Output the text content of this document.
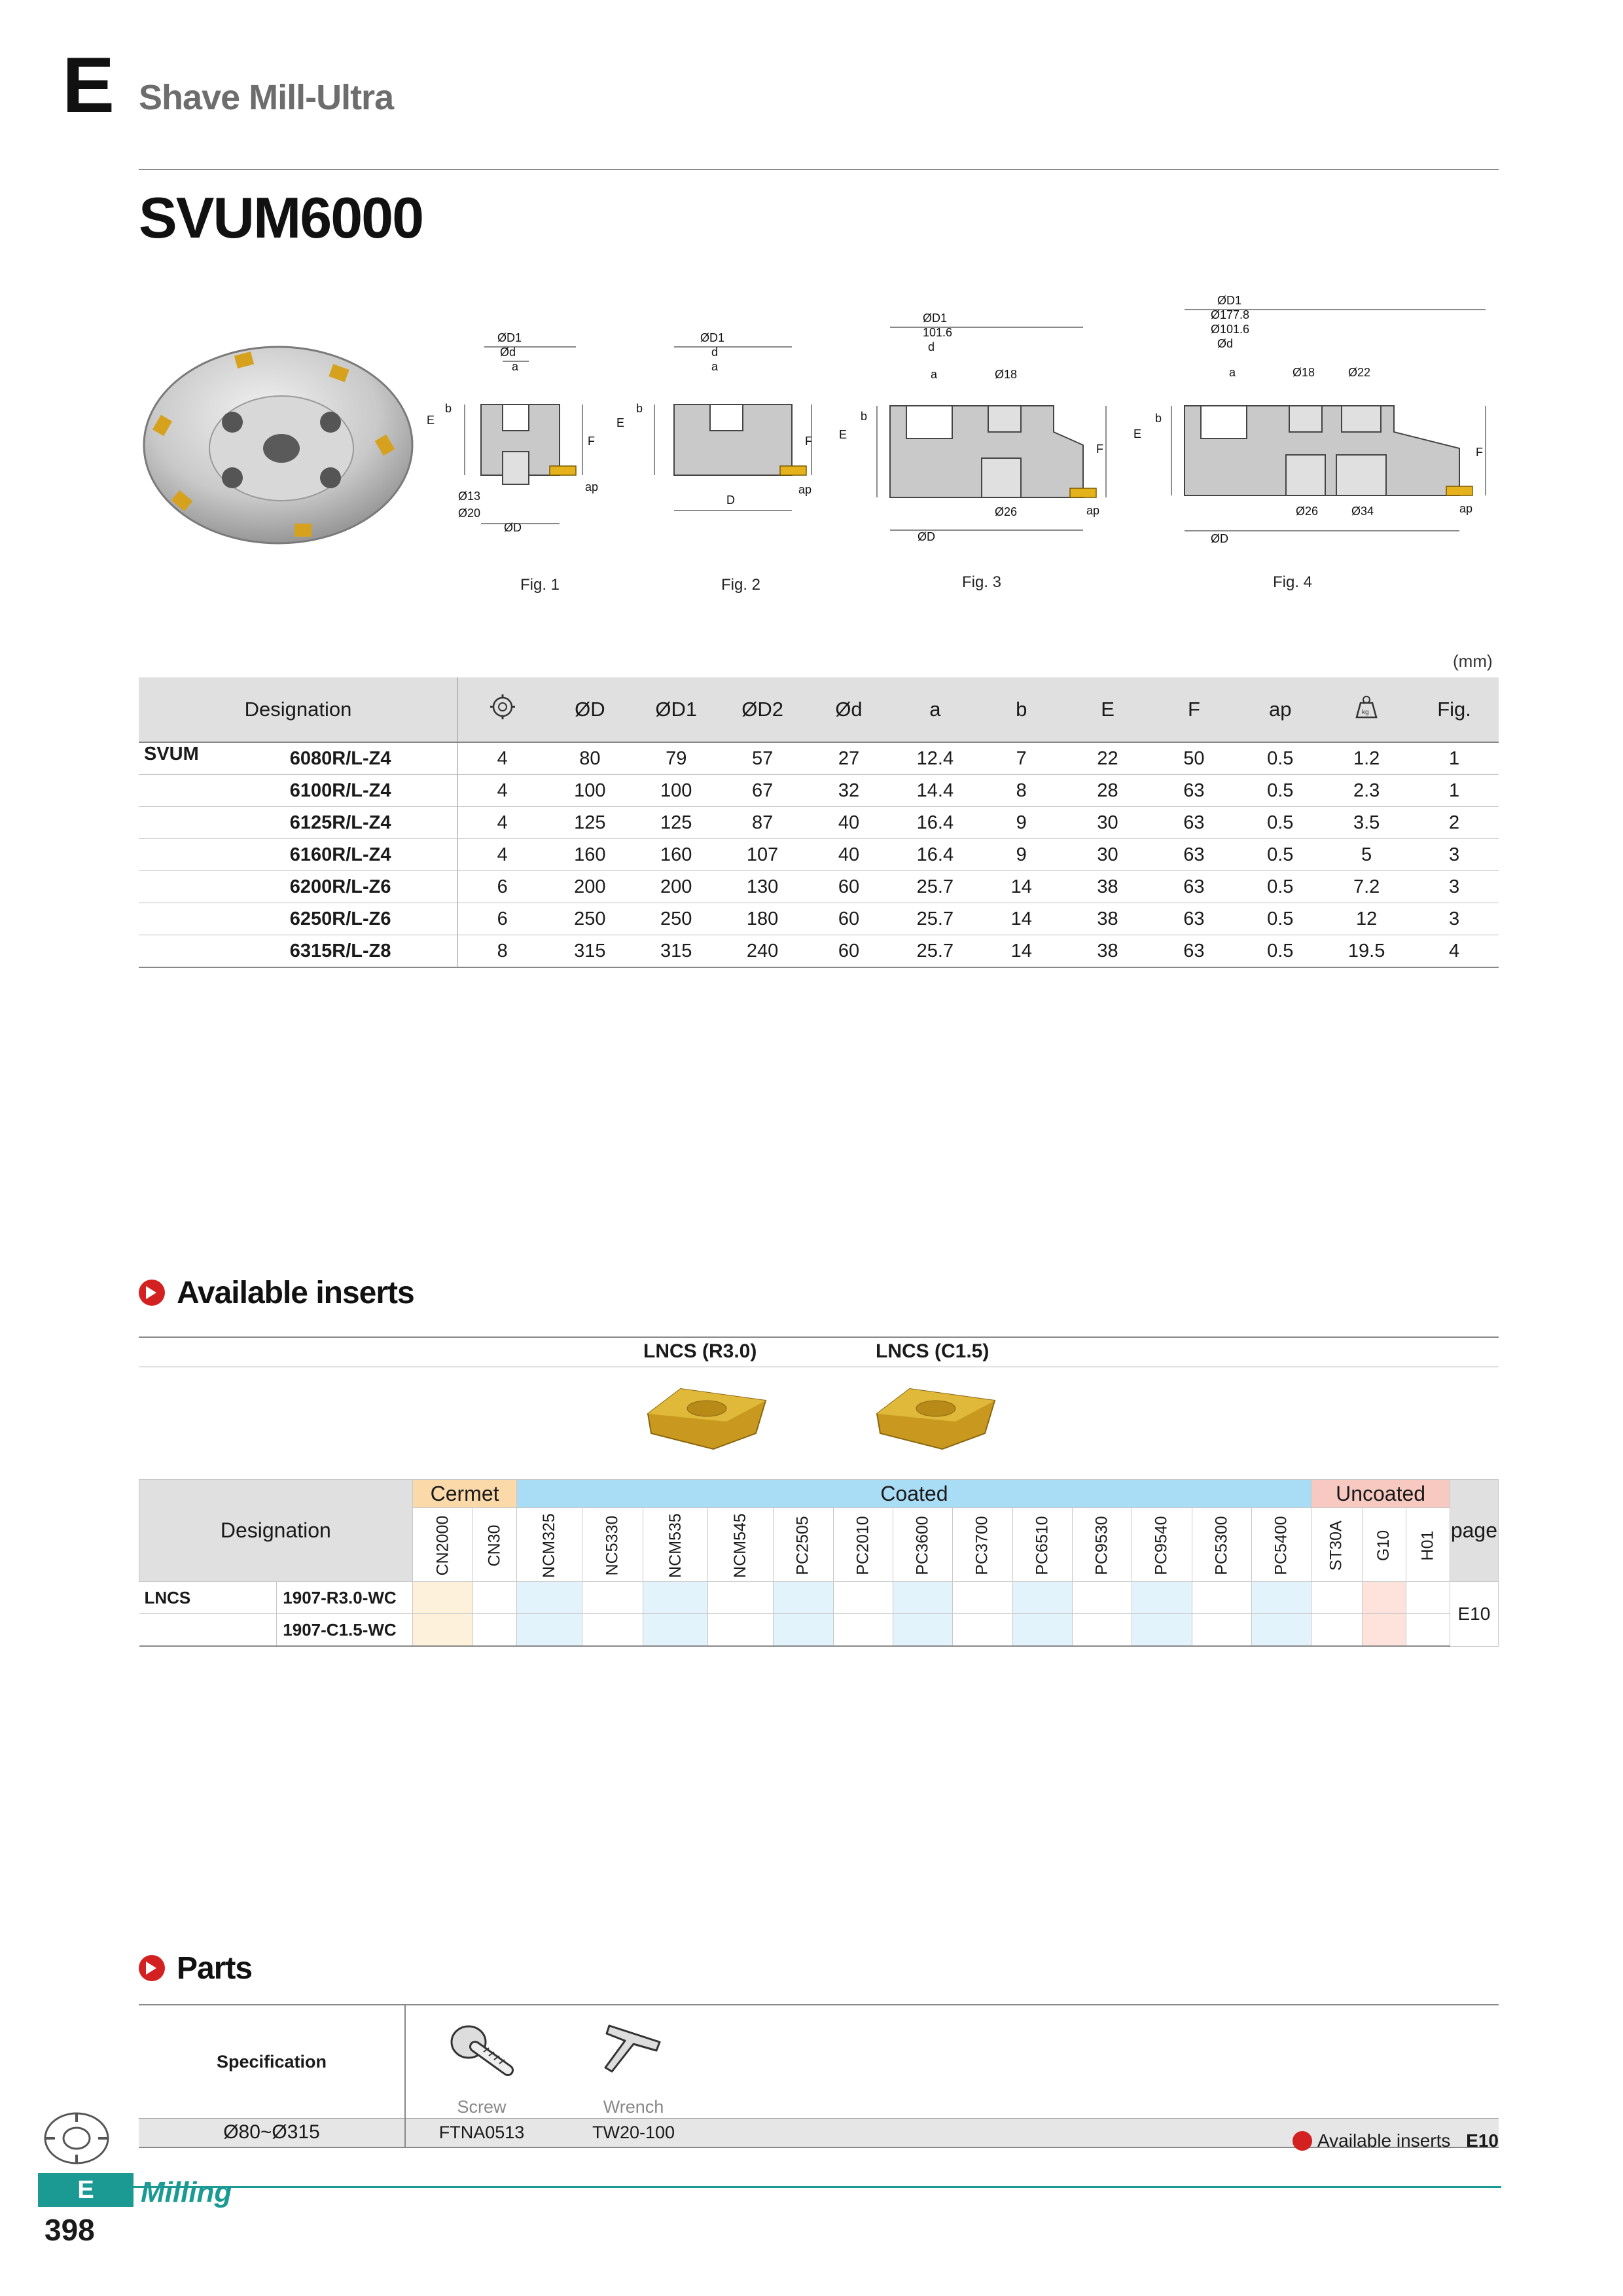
E Shave Mill-Ultra
SVUM6000
ØD1
Ød
a
b
E
F
ap
Ø13
Ø20
ØD
Fig. 1
ØD1
d
a
b
E
F
ap
D
Fig. 2
ØD1
101.6
d
a	Ø18
b
E
F
ap
Ø26
ØD
Fig. 3
ØD1
Ø177.8
Ø101.6
Ød
a	Ø18	Ø22
b
E
F
ap
Ø26	Ø34
ØD
Fig. 4
(mm)
Designation			ØD	ØD1	ØD2	Ød	a	b	E	F	ap	kg	Fig.
SVUM	6080R/L-Z4	4	80	79	57	27	12.4	7	22	50	0.5	1.2	1
	6100R/L-Z4	4	100	100	67	32	14.4	8	28	63	0.5	2.3	1
	6125R/L-Z4	4	125	125	87	40	16.4	9	30	63	0.5	3.5	2
	6160R/L-Z4	4	160	160	107	40	16.4	9	30	63	0.5	5	3
	6200R/L-Z6	6	200	200	130	60	25.7	14	38	63	0.5	7.2	3
	6250R/L-Z6	6	250	250	180	60	25.7	14	38	63	0.5	12	3
	6315R/L-Z8	8	315	315	240	60	25.7	14	38	63	0.5	19.5	4
Available inserts
LNCS (R3.0)	LNCS (C1.5)
Designation		Cermet		Coated													Uncoated			page
		CN2000	CN30	NCM325	NC5330	NCM535	NCM545	PC2505	PC2010	PC3600	PC3700	PC6510	PC9530	PC9540	PC5300	PC5400	ST30A	G10	H01	
LNCS	1907-R3.0-WC																			E10
	1907-C1.5-WC																			
Parts
Specification			
	Screw	Wrench	
Ø80~Ø315	FTNA0513	TW20-100		Available inserts E10
E	Milling
398
